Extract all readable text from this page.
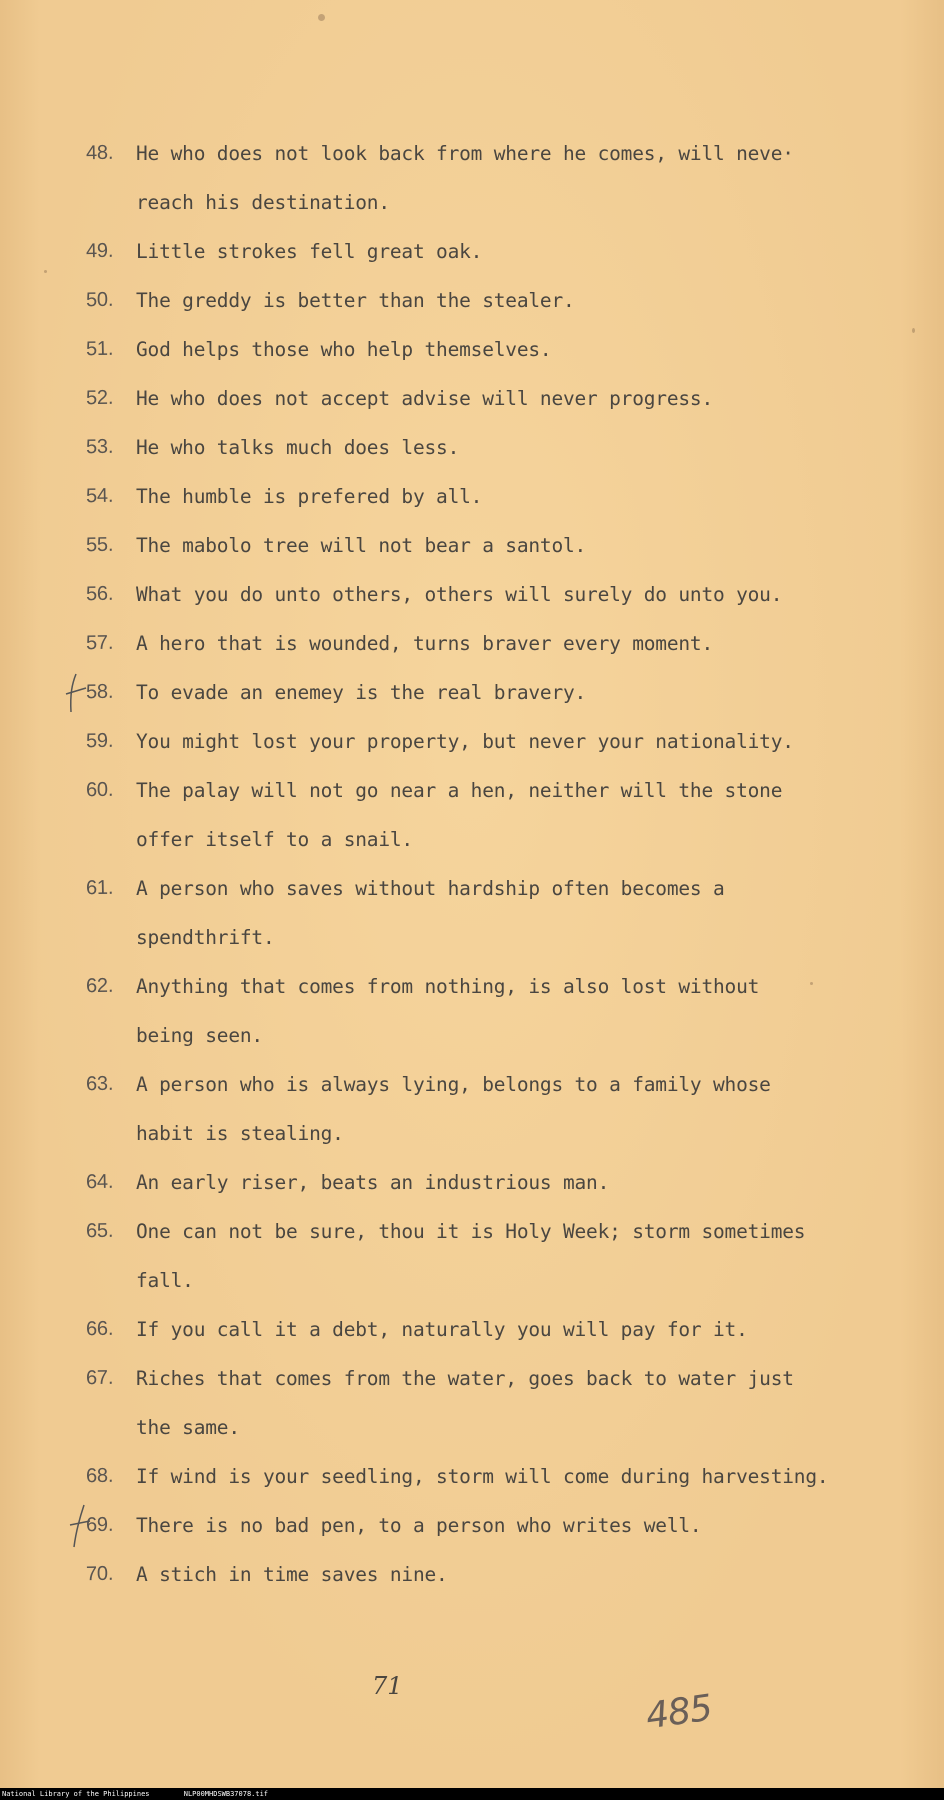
48. He who does not look back from where he comes, will neve·
reach his destination.
49. Little strokes fell great oak.
50. The greddy is better than the stealer.
51. God helps those who help themselves.
52. He who does not accept advise will never progress.
53. He who talks much does less.
54. The humble is prefered by all.
55. The mabolo tree will not bear a santol.
56. What you do unto others, others will surely do unto you.
57. A hero that is wounded, turns braver every moment.
58. To evade an enemey is the real bravery.
59. You might lost your property, but never your nationality.
60. The palay will not go near a hen, neither will the stone
offer itself to a snail.
61. A person who saves without hardship often becomes a
spendthrift.
62. Anything that comes from nothing, is also lost without
being seen.
63. A person who is always lying, belongs to a family whose
habit is stealing.
64. An early riser, beats an industrious man.
65. One can not be sure, thou it is Holy Week; storm sometimes
fall.
66. If you call it a debt, naturally you will pay for it.
67. Riches that comes from the water, goes back to water just
the same.
68. If wind is your seedling, storm will come during harvesting.
69. There is no bad pen, to a person who writes well.
70. A stich in time saves nine.
71
485
National Library of the Philippines	NLP00MHDSWB37078.tif
